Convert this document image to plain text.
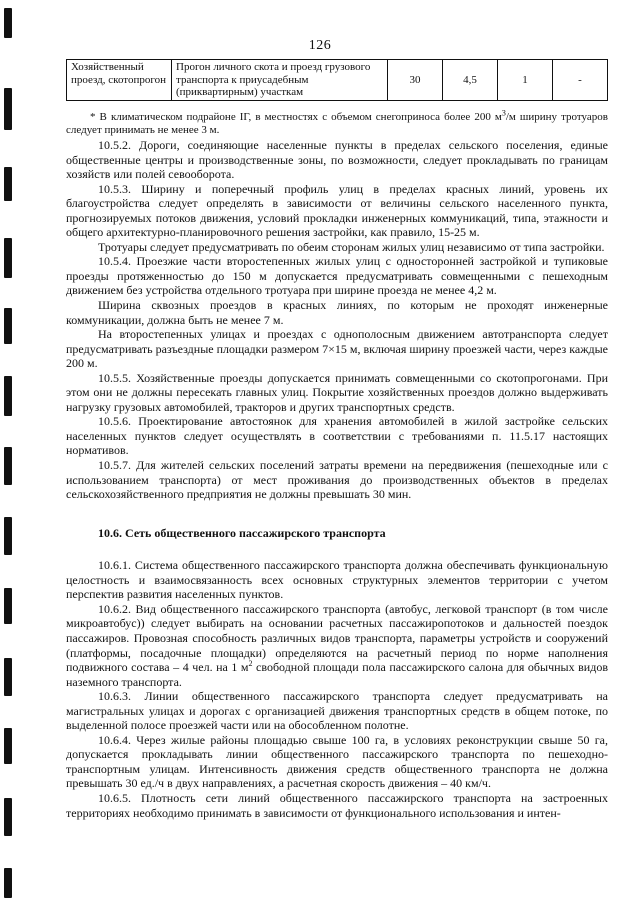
126
Хозяйственный проезд, скотопрогон	Прогон личного скота и проезд грузового транспорта к приусадебным (приквартирным) участкам	30	4,5	1	-

* В климатическом подрайоне IГ, в местностях с объемом снегоприноса более 200 $м^3/м$ ширину тротуаров следует принимать не менее 3 м.

10.5.2. Дороги, соединяющие населенные пункты в пределах сельского поселения, единые общественные центры и производственные зоны, по возможности, следует прокладывать по границам хозяйств или полей севооборота.

10.5.3. Ширину и поперечный профиль улиц в пределах красных линий, уровень их благоустройства следует определять в зависимости от величины сельского населенного пункта, прогнозируемых потоков движения, условий прокладки инженерных коммуникаций, типа, этажности и общего архитектурно-планировочного решения застройки, как правило, 15-25 м.

Тротуары следует предусматривать по обеим сторонам жилых улиц независимо от типа застройки.

10.5.4. Проезжие части второстепенных жилых улиц с односторонней застройкой и тупиковые проезды протяженностью до 150 м допускается предусматривать совмещенными с пешеходным движением без устройства отдельного тротуара при ширине проезда не менее 4,2 м.

Ширина сквозных проездов в красных линиях, по которым не проходят инженерные коммуникации, должна быть не менее 7 м.

На второстепенных улицах и проездах с однополосным движением автотранспорта следует предусматривать разъездные площадки размером 7×15 м, включая ширину проезжей части, через каждые 200 м.

10.5.5. Хозяйственные проезды допускается принимать совмещенными со скотопрогонами. При этом они не должны пересекать главных улиц. Покрытие хозяйственных проездов должно выдерживать нагрузку грузовых автомобилей, тракторов и других транспортных средств.

10.5.6. Проектирование автостоянок для хранения автомобилей в жилой застройке сельских населенных пунктов следует осуществлять в соответствии с требованиями п. 11.5.17 настоящих нормативов.

10.5.7. Для жителей сельских поселений затраты времени на передвижения (пешеходные или с использованием транспорта) от мест проживания до производственных объектов в пределах сельскохозяйственного предприятия не должны превышать 30 мин.

10.6. Сеть общественного пассажирского транспорта

10.6.1. Система общественного пассажирского транспорта должна обеспечивать функциональную целостность и взаимосвязанность всех основных структурных элементов территории с учетом перспектив развития населенных пунктов.

10.6.2. Вид общественного пассажирского транспорта (автобус, легковой транспорт (в том числе микроавтобус)) следует выбирать на основании расчетных пассажиропотоков и дальностей поездок пассажиров. Провозная способность различных видов транспорта, параметры устройств и сооружений (платформы, посадочные площадки) определяются на расчетный период по норме наполнения подвижного состава – 4 чел. на 1 $м^2$ свободной площади пола пассажирского салона для обычных видов наземного транспорта.

10.6.3. Линии общественного пассажирского транспорта следует предусматривать на магистральных улицах и дорогах с организацией движения транспортных средств в общем потоке, по выделенной полосе проезжей части или на обособленном полотне.

10.6.4. Через жилые районы площадью свыше 100 га, в условиях реконструкции свыше 50 га, допускается прокладывать линии общественного пассажирского транспорта по пешеходно-транспортным улицам. Интенсивность движения средств общественного транспорта не должна превышать 30 ед./ч в двух направлениях, а расчетная скорость движения – 40 км/ч.

10.6.5. Плотность сети линий общественного пассажирского транспорта на застроенных территориях необходимо принимать в зависимости от функционального использования и интен-
